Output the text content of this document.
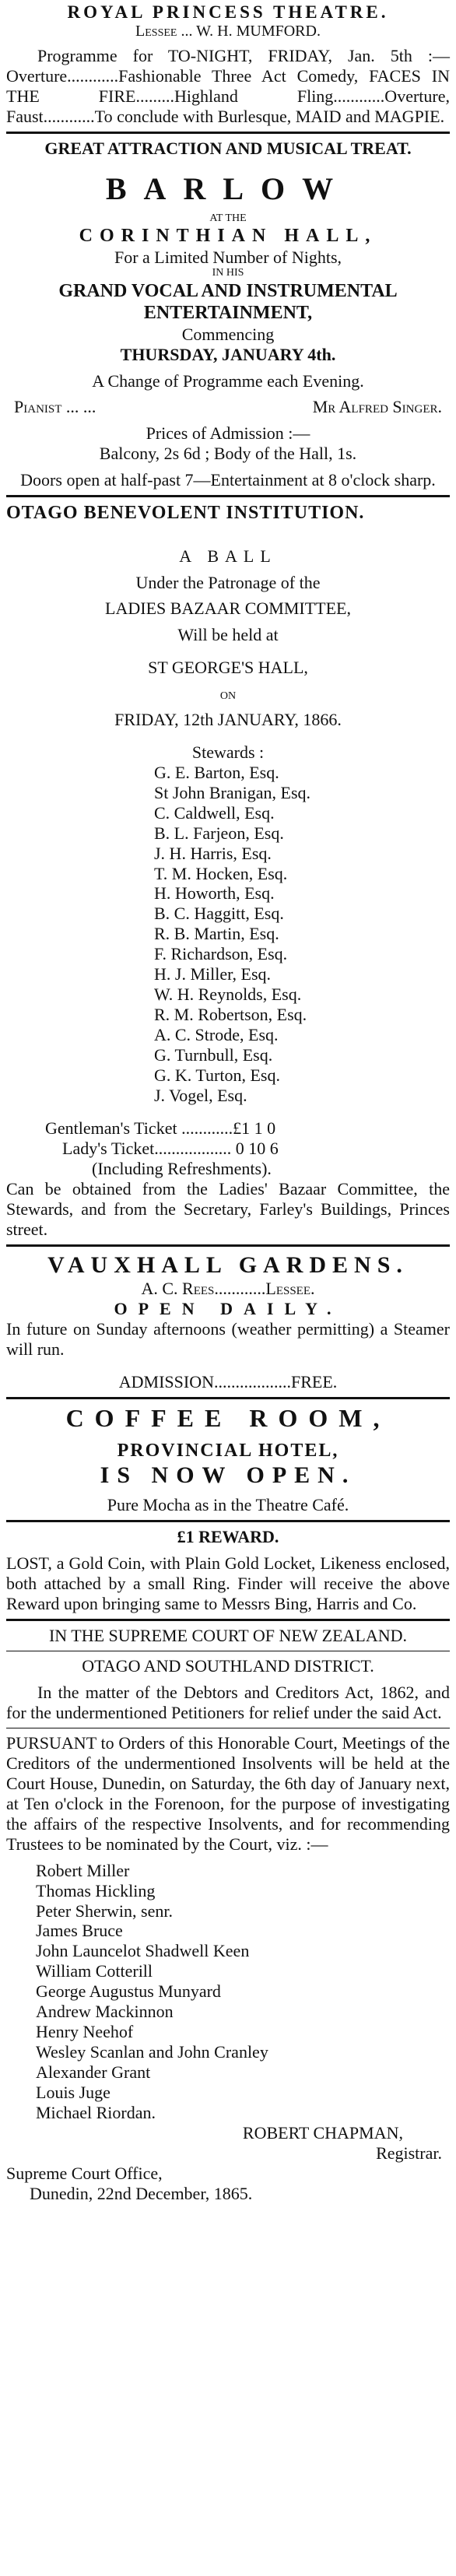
ROYAL PRINCESS THEATRE.

Lessee ... W. H. MUMFORD.

Programme for TO-NIGHT, FRIDAY, Jan. 5th :—Overture............Fashionable Three Act Comedy, FACES IN THE FIRE.........Highland Fling............Overture, Faust............To conclude with Burlesque, MAID and MAGPIE.

GREAT ATTRACTION AND MUSICAL TREAT.

BARLOW

AT THE

CORINTHIAN HALL,

For a Limited Number of Nights,

IN HIS

GRAND VOCAL AND INSTRUMENTAL ENTERTAINMENT,

Commencing

THURSDAY, JANUARY 4th.

A Change of Programme each Evening.

Pianist ... ...	Mr Alfred Singer.

Prices of Admission :—

Balcony, 2s 6d ; Body of the Hall, 1s.

Doors open at half-past 7—Entertainment at 8 o'clock sharp.

OTAGO BENEVOLENT INSTITUTION.

A BALL

Under the Patronage of the

LADIES BAZAAR COMMITTEE,

Will be held at

ST GEORGE'S HALL,

ON

FRIDAY, 12th JANUARY, 1866.

Stewards :

G. E. Barton, Esq.

St John Branigan, Esq.

C. Caldwell, Esq.

B. L. Farjeon, Esq.

J. H. Harris, Esq.

T. M. Hocken, Esq.

H. Howorth, Esq.

B. C. Haggitt, Esq.

R. B. Martin, Esq.

F. Richardson, Esq.

H. J. Miller, Esq.

W. H. Reynolds, Esq.

R. M. Robertson, Esq.

A. C. Strode, Esq.

G. Turnbull, Esq.

G. K. Turton, Esq.

J. Vogel, Esq.

Gentleman's Ticket ............£1 1 0

Lady's Ticket.................. 0 10 6

(Including Refreshments).

Can be obtained from the Ladies' Bazaar Committee, the Stewards, and from the Secretary, Farley's Buildings, Princes street.

VAUXHALL GARDENS.

A. C. Rees............Lessee.

OPEN DAILY.

In future on Sunday afternoons (weather permitting) a Steamer will run.

ADMISSION..................FREE.

COFFEE ROOM,

PROVINCIAL HOTEL,

IS NOW OPEN.

Pure Mocha as in the Theatre Café.

£1 REWARD.

LOST, a Gold Coin, with Plain Gold Locket, Likeness enclosed, both attached by a small Ring. Finder will receive the above Reward upon bringing same to Messrs Bing, Harris and Co.

IN THE SUPREME COURT OF NEW ZEALAND.

OTAGO AND SOUTHLAND DISTRICT.

In the matter of the Debtors and Creditors Act, 1862, and for the undermentioned Petitioners for relief under the said Act.

PURSUANT to Orders of this Honorable Court, Meetings of the Creditors of the undermentioned Insolvents will be held at the Court House, Dunedin, on Saturday, the 6th day of January next, at Ten o'clock in the Forenoon, for the purpose of investigating the affairs of the respective Insolvents, and for recommending Trustees to be nominated by the Court, viz. :—

Robert Miller

Thomas Hickling

Peter Sherwin, senr.

James Bruce

John Launcelot Shadwell Keen

William Cotterill

George Augustus Munyard

Andrew Mackinnon

Henry Neehof

Wesley Scanlan and John Cranley

Alexander Grant

Louis Juge

Michael Riordan.

ROBERT CHAPMAN,

Registrar.

Supreme Court Office,

Dunedin, 22nd December, 1865.
